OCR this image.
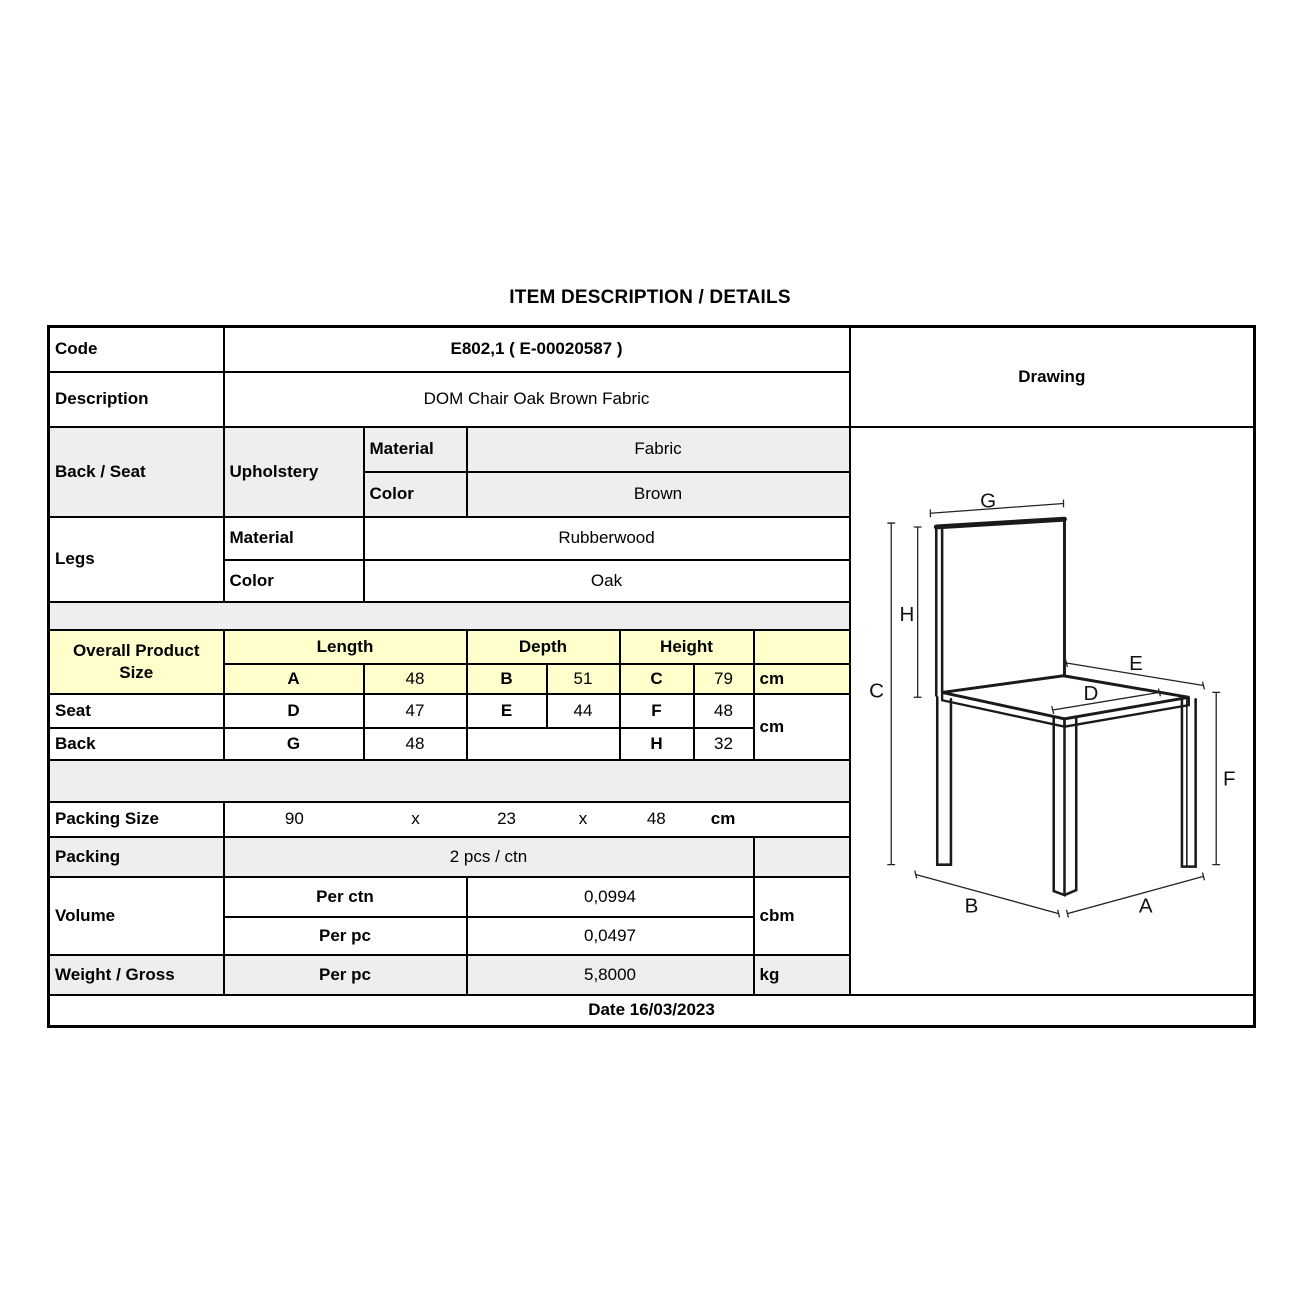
ITEM DESCRIPTION / DETAILS
Code	E802,1 ( E-00020587 )							Drawing
Description	DOM Chair Oak Brown Fabric							
Back / Seat	Upholstery	Material	Fabric	
G
H
C
E
D
F
B	A

		Color	Brown					
Legs	Material	Rubberwood						
	Color	Oak						

Overall Product Size	Length		Depth		Height			
	A	48	B	51	C	79	cm	
Seat	D	47	E	44	F	48	cm	
Back	G	48			H	32		

Packing Size	90	x	23	x	48	cm

Packing	2 pcs / ctn							
Volume	Per ctn		0,0994				cbm	
	Per pc		0,0497					
Weight / Gross	Per pc		5,8000				kg	
Date 16/03/2023								
